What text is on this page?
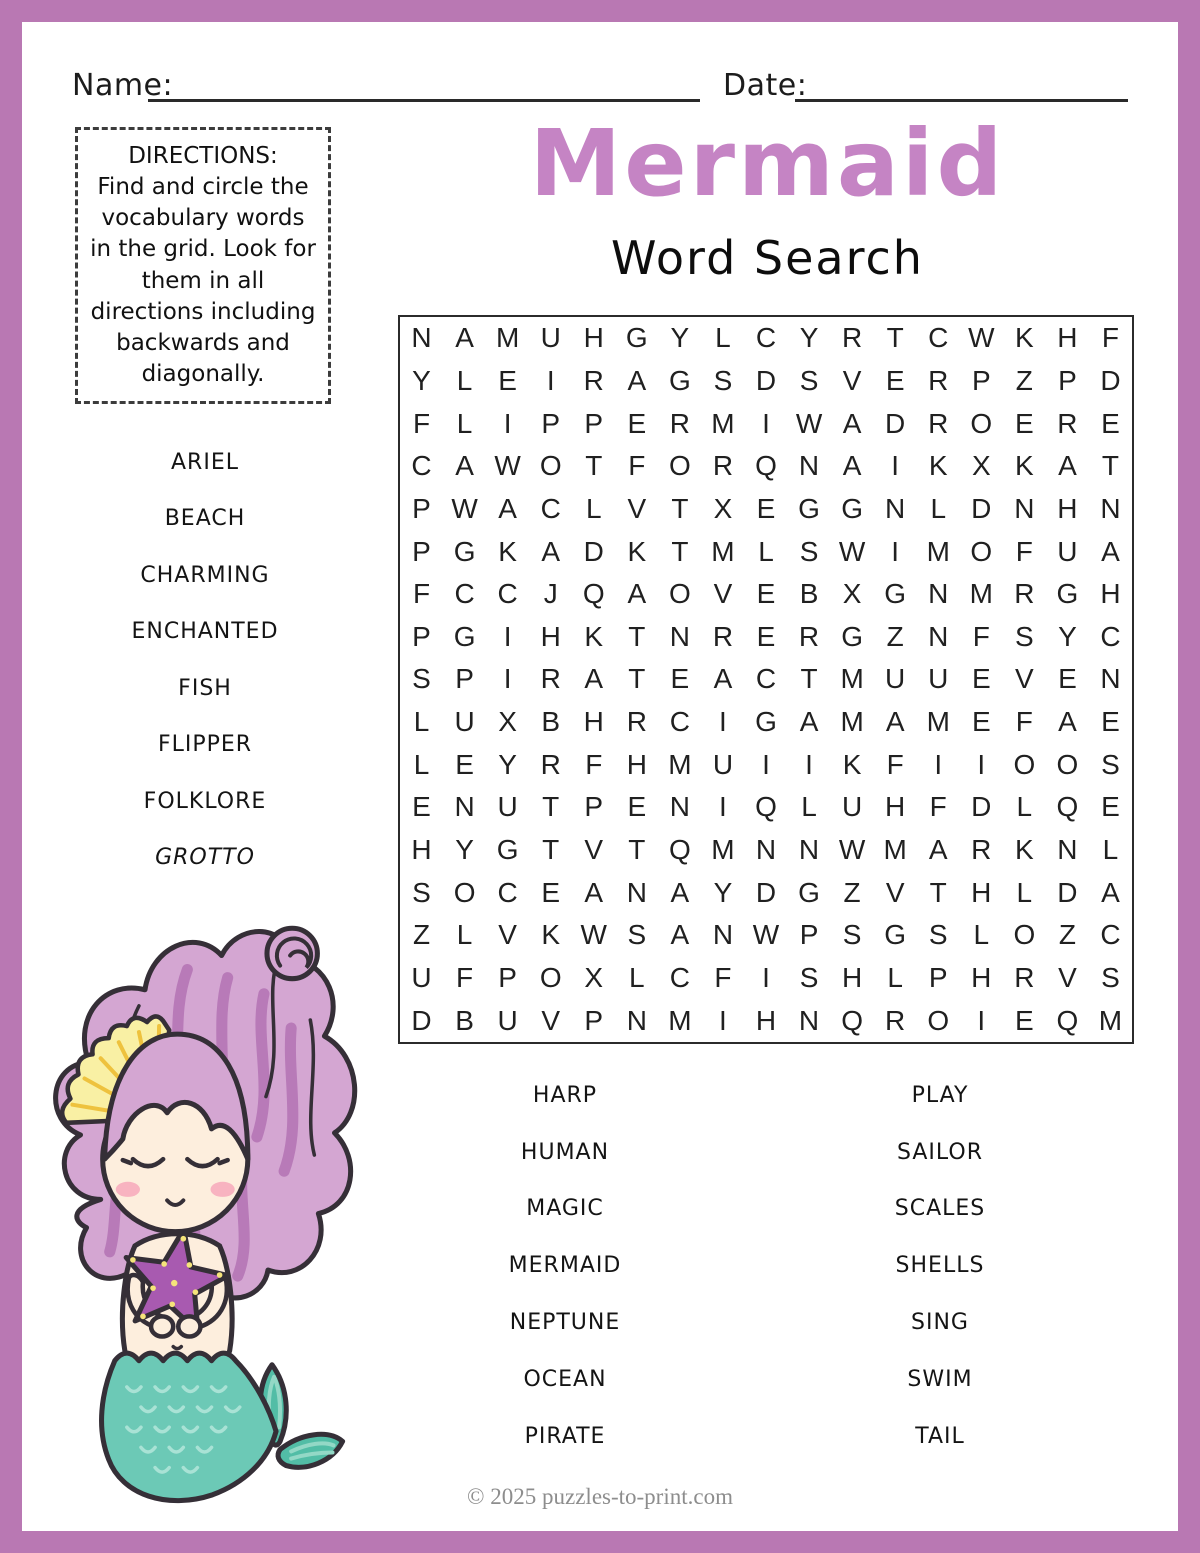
Name:	Date:
DIRECTIONS:
Find and circle the vocabulary words in the grid. Look for them in all directions including backwards and diagonally.
Mermaid
Word Search
ARIEL
BEACH
CHARMING
ENCHANTED
FISH
FLIPPER
FOLKLORE
GROTTO
N A M U H G Y L C Y R T C W K H F
Y L E	I	R A G S D S V E R P Z P D
F L	I	P P E R M I W A D R O E R E
C A W O T F O R Q N A	I	K X K A T
P W A C L V T X E G G N L D N H N
P G K A D K T M L S W I M O F U A
F C C J Q A O V E B X G N M R G H
P G	I	H K T N R E R G Z N F S Y C
S P	I	R A T E A C T M U U E V E N
L U X B H R C	I	G A M A M E F A E
L E Y R F H M U	I	I	K F	I	I	O O S
E N U T P E N	I	Q L U H F D L Q E
H Y G T V T Q M N N W M A R K N L
S O C E A N A Y D G Z V T H L D A
Z L V K W S A N W P S G S L O Z C
U F P O X L C F	I	S H L P H R V S
D B U V P N M I	H N Q R O	I	E Q M
HARP
HUMAN
MAGIC
MERMAID
NEPTUNE
OCEAN
PIRATE
PLAY
SAILOR
SCALES
SHELLS
SING
SWIM
TAIL
© 2025 puzzles-to-print.com
